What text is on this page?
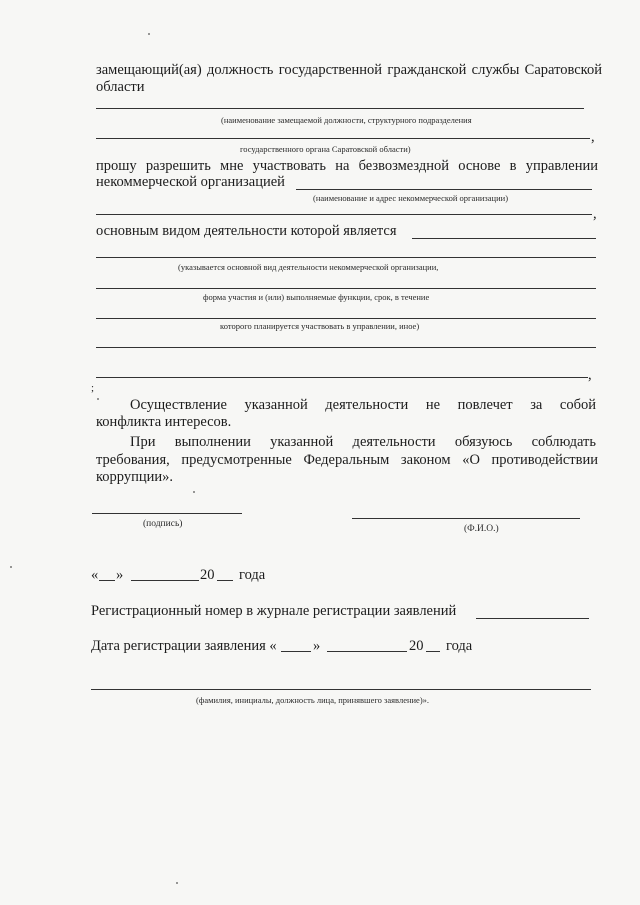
замещающий(ая) должность государственной гражданской службы Саратовской
области
(наименование замещаемой должности, структурного подразделения
,
государственного органа Саратовской области)
прошу разрешить мне участвовать на безвозмездной основе в управлении
некоммерческой организацией
(наименование и адрес некоммерческой организации)
,
основным видом деятельности которой является
(указывается основной вид деятельности некоммерческой организации,
форма участия и (или) выполняемые функции, срок, в течение
которого планируется участвовать в управлении, иное)
,
;
Осуществление указанной деятельности не повлечет за собой
конфликта интересов.
При выполнении указанной деятельности обязуюсь соблюдать
требования, предусмотренные Федеральным законом «О противодействии
коррупции».
(подпись)	(Ф.И.О.)
« »	20 года
Регистрационный номер в журнале регистрации заявлений
Дата регистрации заявления «	»	20 года
(фамилия, инициалы, должность лица, принявшего заявление)».
